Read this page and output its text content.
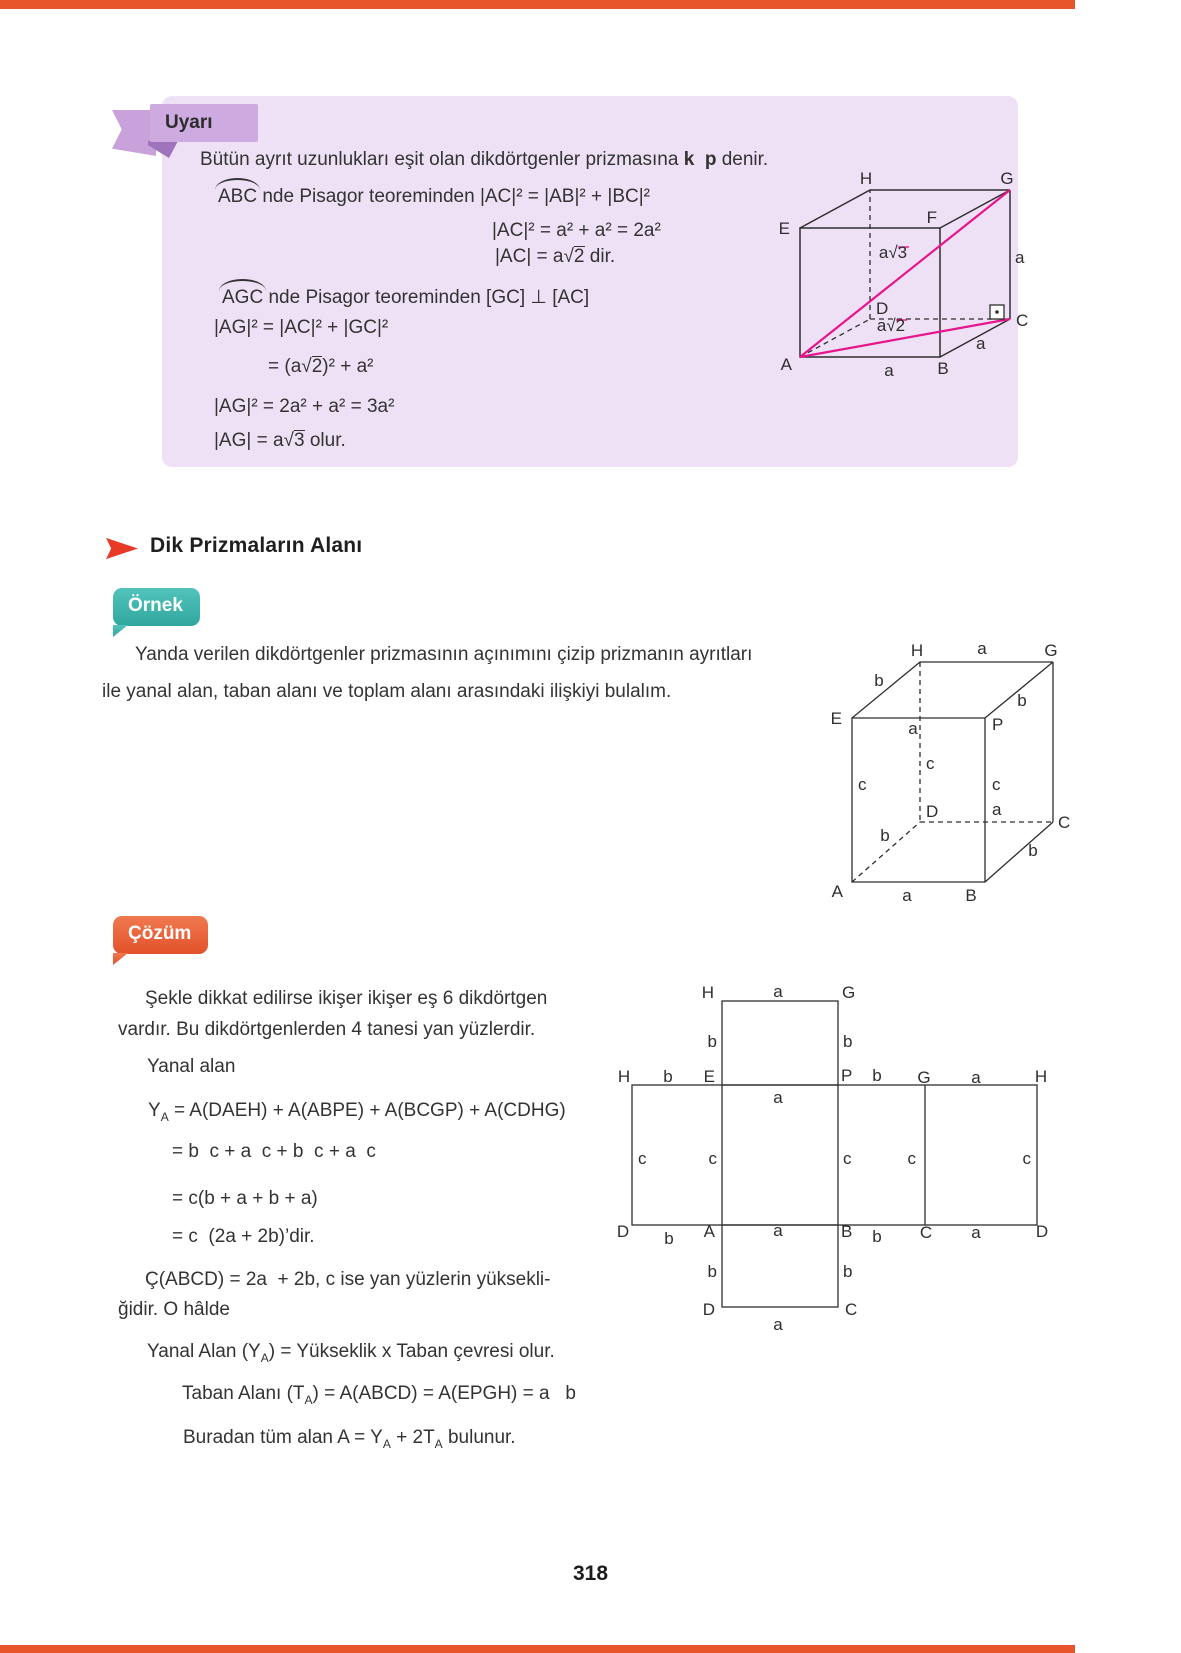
Uyarı
Bütün ayrıt uzunlukları eşit olan dikdörtgenler prizmasına k  p denir.
ABC nde Pisagor teoreminden |AC|² = |AB|² + |BC|²
|AC|² = a² + a² = 2a²
|AC| = a√2 dir.
AGC nde Pisagor teoreminden [GC] ⊥ [AC]
|AG|² = |AC|² + |GC|²
= (a√2)² + a²
|AG|² = 2a² + a² = 3a²
|AG| = a√3 olur.
H	G
E
F
A	B
C
D
a
a
a
a√3
a√2
Dik Prizmaların Alanı
Örnek
Yanda verilen dikdörtgenler prizmasının açınımını çizip prizmanın ayrıtları
ile yanal alan, taban alanı ve toplam alanı arasındaki ilişkiyi bulalım.
H	a	G
b
b
E
a	P
c
c
c
D	a
C
b
b
A	a	B
Çözüm
Şekle dikkat edilirse ikişer ikişer eş 6 dikdörtgen
vardır. Bu dikdörtgenlerden 4 tanesi yan yüzlerdir.
Yanal alan
$Y_A$ = A(DAEH) + A(ABPE) + A(BCGP) + A(CDHG)
= b  c + a  c + b  c + a  c
= c(b + a + b + a)
= c  (2a + 2b)’dir.
Ç(ABCD) = 2a  + 2b, c ise yan yüzlerin yüksekli-
ğidir. O hâlde
Yanal Alan $(Y_A)$ = Yükseklik x Taban çevresi olur.
Taban Alanı $(T_A)$ = A(ABCD) = A(EPGH) = a   b
Buradan tüm alan $A = Y_A + 2T_A$ bulunur.
H	a	G
b	b
H b E	P b G a	H
a
c	c	c	c	c
D b A	a	B b C a	D
b	b
D	C
a
318
